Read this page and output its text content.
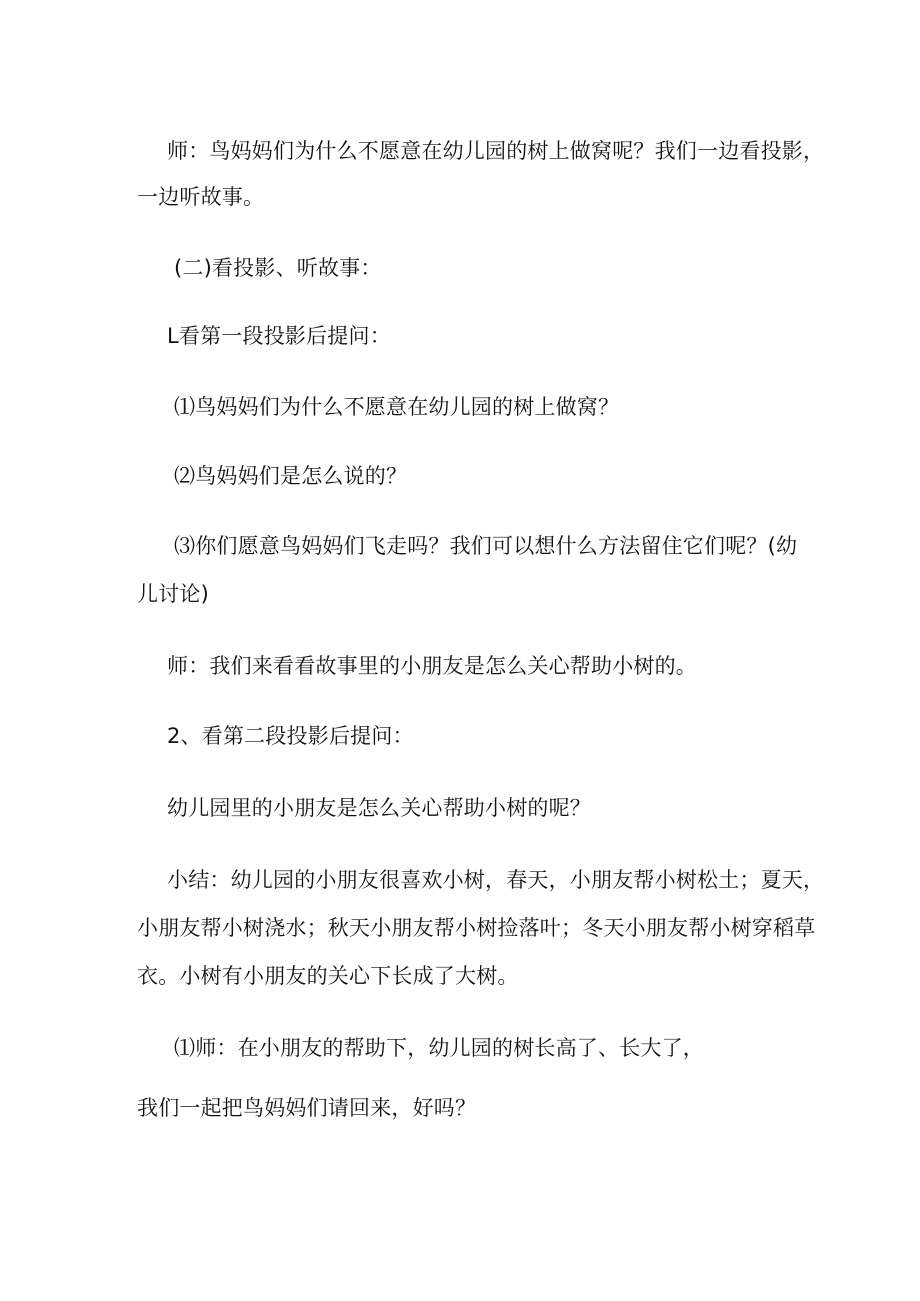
师：鸟妈妈们为什么不愿意在幼儿园的树上做窝呢？我们一边看投影，
一边听故事。
(二)看投影、听故事：
L看第一段投影后提问：
⑴鸟妈妈们为什么不愿意在幼儿园的树上做窝？
⑵鸟妈妈们是怎么说的？
⑶你们愿意鸟妈妈们飞走吗？我们可以想什么方法留住它们呢？(幼
儿讨论)
师：我们来看看故事里的小朋友是怎么关心帮助小树的。
2、看第二段投影后提问：
幼儿园里的小朋友是怎么关心帮助小树的呢？
小结：幼儿园的小朋友很喜欢小树，春天，小朋友帮小树松土；夏天，
小朋友帮小树浇水；秋天小朋友帮小树捡落叶；冬天小朋友帮小树穿稻草
衣。小树有小朋友的关心下长成了大树。
⑴师：在小朋友的帮助下，幼儿园的树长高了、长大了，
我们一起把鸟妈妈们请回来，好吗？
